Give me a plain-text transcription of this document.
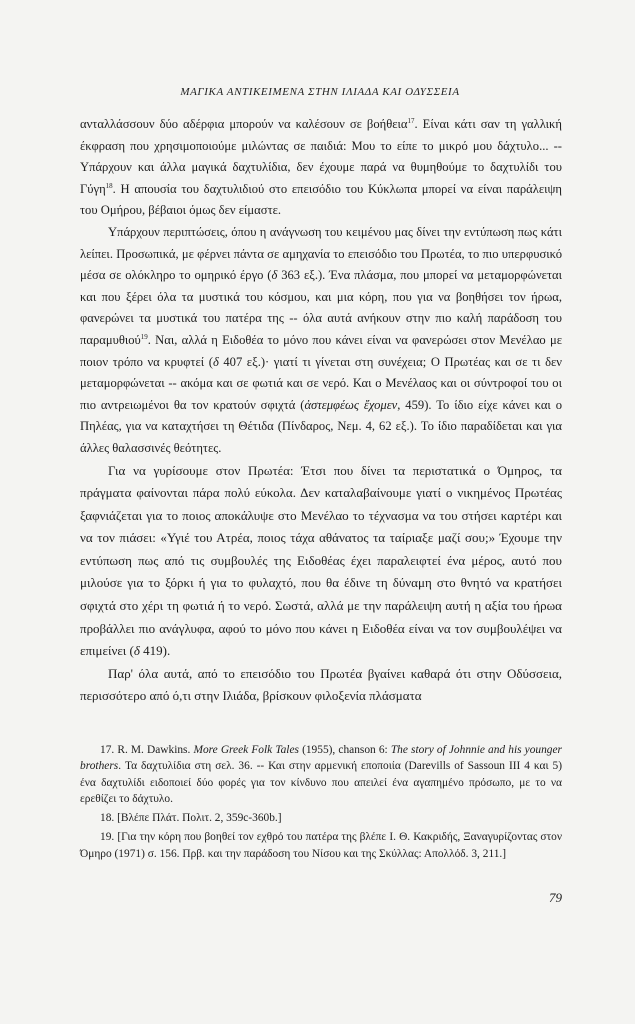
ΜΑΓΙΚΑ ΑΝΤΙΚΕΙΜΕΝΑ ΣΤΗΝ ΙΛΙΑΔΑ ΚΑΙ ΟΔΥΣΣΕΙΑ

ανταλλάσσουν δύο αδέρφια μπορούν να καλέσουν σε βοήθεια$^{17}$. Είναι κάτι σαν τη γαλλική έκφραση που χρησιμοποιούμε μιλώντας σε παιδιά: Μου το είπε το μικρό μου δάχτυλο... -- Υπάρχουν και άλλα μαγικά δαχτυλίδια, δεν έχουμε παρά να θυμηθούμε το δαχτυλίδι του Γύγη$^{18}$. Η απουσία του δαχτυλιδιού στο επεισόδιο του Κύκλωπα μπορεί να είναι παράλειψη του Ομήρου, βέβαιοι όμως δεν είμαστε.

Υπάρχουν περιπτώσεις, όπου η ανάγνωση του κειμένου μας δίνει την εντύπωση πως κάτι λείπει. Προσωπικά, με φέρνει πάντα σε αμηχανία το επεισόδιο του Πρωτέα, το πιο υπερφυσικό μέσα σε ολόκληρο το ομηρικό έργο (δ 363 εξ.). Ένα πλάσμα, που μπορεί να μεταμορφώνεται και που ξέρει όλα τα μυστικά του κόσμου, και μια κόρη, που για να βοηθήσει τον ήρωα, φανερώνει τα μυστικά του πατέρα της -- όλα αυτά ανήκουν στην πιο καλή παράδοση του παραμυθιού$^{19}$. Ναι, αλλά η Ειδοθέα το μόνο που κάνει είναι να φανερώσει στον Μενέλαο με ποιον τρόπο να κρυφτεί (δ 407 εξ.)· γιατί τι γίνεται στη συνέχεια; Ο Πρωτέας και σε τι δεν μεταμορφώνεται -- ακόμα και σε φωτιά και σε νερό. Και ο Μενέλαος και οι σύντροφοί του οι πιο αντρειωμένοι θα τον κρατούν σφιχτά (ἀστεμφέως ἔχομεν, 459). Το ίδιο είχε κάνει και ο Πηλέας, για να καταχτήσει τη Θέτιδα (Πίνδαρος, Νεμ. 4, 62 εξ.). Το ίδιο παραδίδεται και για άλλες θαλασσινές θεότητες.

Για να γυρίσουμε στον Πρωτέα: Έτσι που δίνει τα περιστατικά ο Όμηρος, τα πράγματα φαίνονται πάρα πολύ εύκολα. Δεν καταλαβαίνουμε γιατί ο νικημένος Πρωτέας ξαφνιάζεται για το ποιος αποκάλυψε στο Μενέλαο το τέχνασμα να του στήσει καρτέρι και να τον πιάσει: «Υγιέ του Ατρέα, ποιος τάχα αθάνατος τα ταίριαξε μαζί σου;» Έχουμε την εντύπωση πως από τις συμβουλές της Ειδοθέας έχει παραλειφτεί ένα μέρος, αυτό που μιλούσε για το ξόρκι ή για το φυλαχτό, που θα έδινε τη δύναμη στο θνητό να κρατήσει σφιχτά στο χέρι τη φωτιά ή το νερό. Σωστά, αλλά με την παράλειψη αυτή η αξία του ήρωα προβάλλει πιο ανάγλυφα, αφού το μόνο που κάνει η Ειδοθέα είναι να τον συμβουλέψει να επιμείνει (δ 419).

Παρ' όλα αυτά, από το επεισόδιο του Πρωτέα βγαίνει καθαρά ότι στην Οδύσσεια, περισσότερο από ό,τι στην Ιλιάδα, βρίσκουν φιλοξενία πλάσματα

17. R. M. Dawkins. More Greek Folk Tales (1955), chanson 6: The story of Johnnie and his younger brothers. Τα δαχτυλίδια στη σελ. 36. -- Και στην αρμενική εποποιία (Darevills of Sassoun III 4 και 5) ένα δαχτυλίδι ειδοποιεί δύο φορές για τον κίνδυνο που απειλεί ένα αγαπημένο πρόσωπο, με το να ερεθίζει το δάχτυλο.

18. [Βλέπε Πλάτ. Πολιτ. 2, 359c-360b.]

19. [Για την κόρη που βοηθεί τον εχθρό του πατέρα της βλέπε Ι. Θ. Κακριδής, Ξαναγυρίζοντας στον Όμηρο (1971) σ. 156. Πρβ. και την παράδοση του Νίσου και της Σκύλλας: Απολλόδ. 3, 211.]

79
